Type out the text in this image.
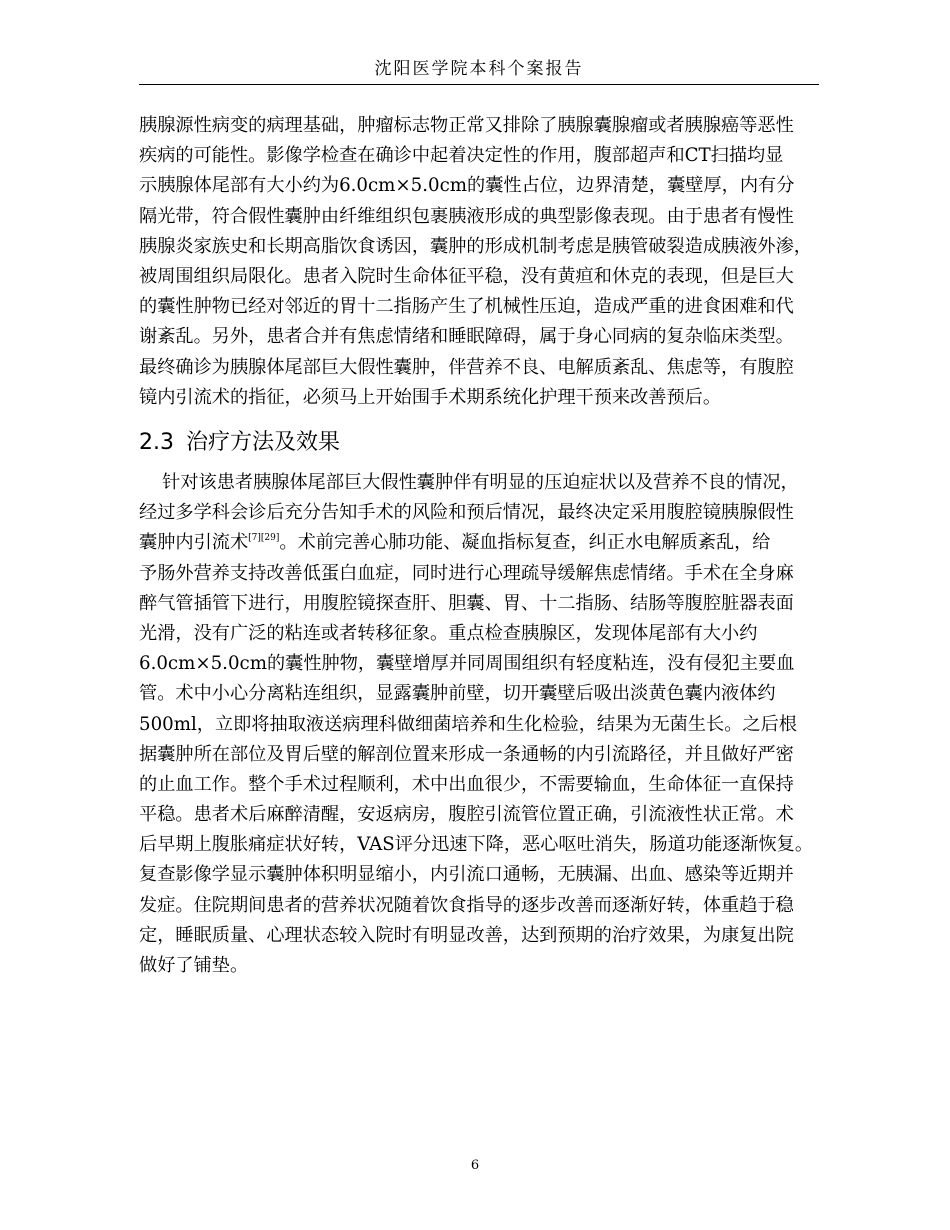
沈阳医学院本科个案报告
胰腺源性病变的病理基础，肿瘤标志物正常又排除了胰腺囊腺瘤或者胰腺癌等恶性
疾病的可能性。影像学检查在确诊中起着决定性的作用，腹部超声和CT扫描均显
示胰腺体尾部有大小约为6.0cm×5.0cm的囊性占位，边界清楚，囊壁厚，内有分
隔光带，符合假性囊肿由纤维组织包裹胰液形成的典型影像表现。由于患者有慢性
胰腺炎家族史和长期高脂饮食诱因，囊肿的形成机制考虑是胰管破裂造成胰液外渗，
被周围组织局限化。患者入院时生命体征平稳，没有黄疸和休克的表现，但是巨大
的囊性肿物已经对邻近的胃十二指肠产生了机械性压迫，造成严重的进食困难和代
谢紊乱。另外，患者合并有焦虑情绪和睡眠障碍，属于身心同病的复杂临床类型。
最终确诊为胰腺体尾部巨大假性囊肿，伴营养不良、电解质紊乱、焦虑等，有腹腔
镜内引流术的指征，必须马上开始围手术期系统化护理干预来改善预后。
2.3 治疗方法及效果
针对该患者胰腺体尾部巨大假性囊肿伴有明显的压迫症状以及营养不良的情况，
经过多学科会诊后充分告知手术的风险和预后情况，最终决定采用腹腔镜胰腺假性
囊肿内引流术[7][29]。术前完善心肺功能、凝血指标复查，纠正水电解质紊乱，给
予肠外营养支持改善低蛋白血症，同时进行心理疏导缓解焦虑情绪。手术在全身麻
醉气管插管下进行，用腹腔镜探查肝、胆囊、胃、十二指肠、结肠等腹腔脏器表面
光滑，没有广泛的粘连或者转移征象。重点检查胰腺区，发现体尾部有大小约
6.0cm×5.0cm的囊性肿物，囊壁增厚并同周围组织有轻度粘连，没有侵犯主要血
管。术中小心分离粘连组织，显露囊肿前壁，切开囊壁后吸出淡黄色囊内液体约
500ml，立即将抽取液送病理科做细菌培养和生化检验，结果为无菌生长。之后根
据囊肿所在部位及胃后壁的解剖位置来形成一条通畅的内引流路径，并且做好严密
的止血工作。整个手术过程顺利，术中出血很少，不需要输血，生命体征一直保持
平稳。患者术后麻醉清醒，安返病房，腹腔引流管位置正确，引流液性状正常。术
后早期上腹胀痛症状好转，VAS评分迅速下降，恶心呕吐消失，肠道功能逐渐恢复。
复查影像学显示囊肿体积明显缩小，内引流口通畅，无胰漏、出血、感染等近期并
发症。住院期间患者的营养状况随着饮食指导的逐步改善而逐渐好转，体重趋于稳
定，睡眠质量、心理状态较入院时有明显改善，达到预期的治疗效果，为康复出院
做好了铺垫。
6
